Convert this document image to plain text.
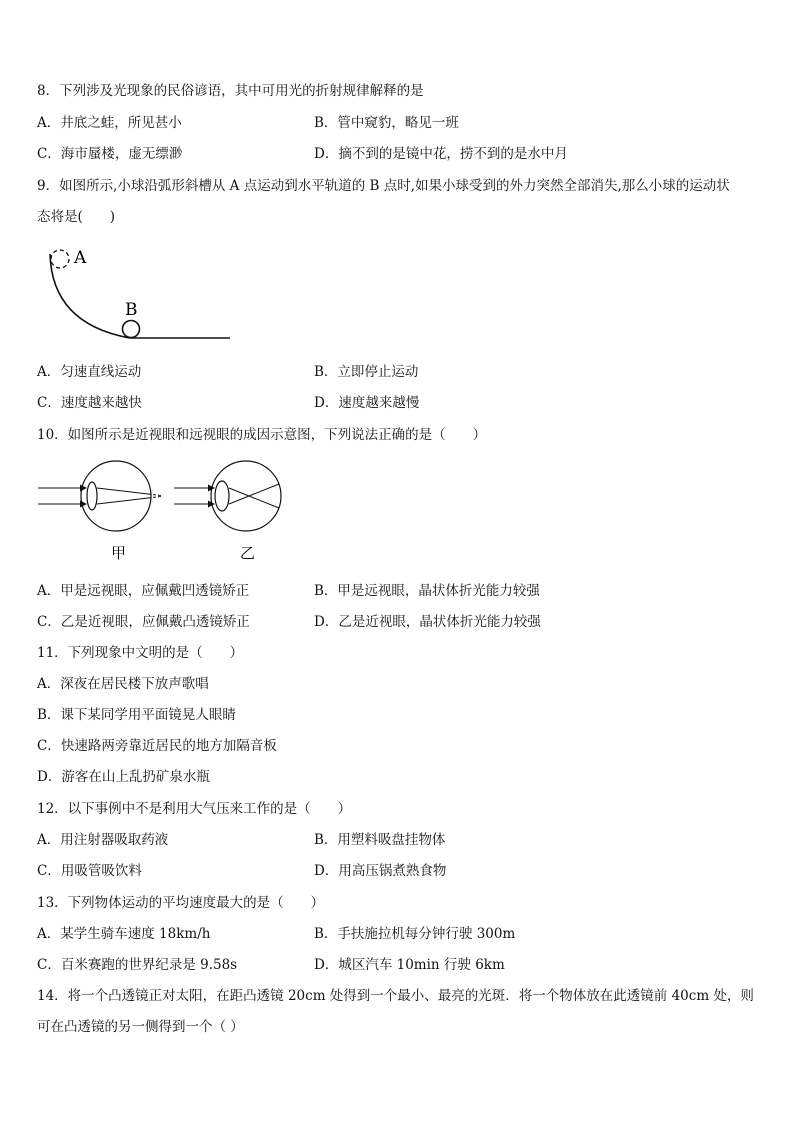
8．下列涉及光现象的民俗谚语，其中可用光的折射规律解释的是
A．井底之蛙，所见甚小	B．管中窥豹，略见一班
C．海市蜃楼，虚无缥渺	D．摘不到的是镜中花，捞不到的是水中月
9．如图所示,小球沿弧形斜槽从 A 点运动到水平轨道的 B 点时,如果小球受到的外力突然全部消失,那么小球的运动状
态将是(　　)
A
B
A．匀速直线运动	B．立即停止运动
C．速度越来越快	D．速度越来越慢
10．如图所示是近视眼和远视眼的成因示意图，下列说法正确的是（　　）
甲	乙
A．甲是远视眼，应佩戴凹透镜矫正	B．甲是远视眼，晶状体折光能力较强
C．乙是近视眼，应佩戴凸透镜矫正	D．乙是近视眼，晶状体折光能力较强
11．下列现象中文明的是（　　）
A．深夜在居民楼下放声歌唱
B．课下某同学用平面镜晃人眼睛
C．快速路两旁靠近居民的地方加隔音板
D．游客在山上乱扔矿泉水瓶
12．以下事例中不是利用大气压来工作的是（　　）
A．用注射器吸取药液	B．用塑料吸盘挂物体
C．用吸管吸饮料	D．用高压锅煮熟食物
13．下列物体运动的平均速度最大的是（　　）
A．某学生骑车速度 18km/h	B．手扶施拉机每分钟行驶 300m
C．百米赛跑的世界纪录是 9.58s	D．城区汽车 10min 行驶 6km
14．将一个凸透镜正对太阳，在距凸透镜 20cm 处得到一个最小、最亮的光斑．将一个物体放在此透镜前 40cm 处，则
可在凸透镜的另一侧得到一个（ ）
